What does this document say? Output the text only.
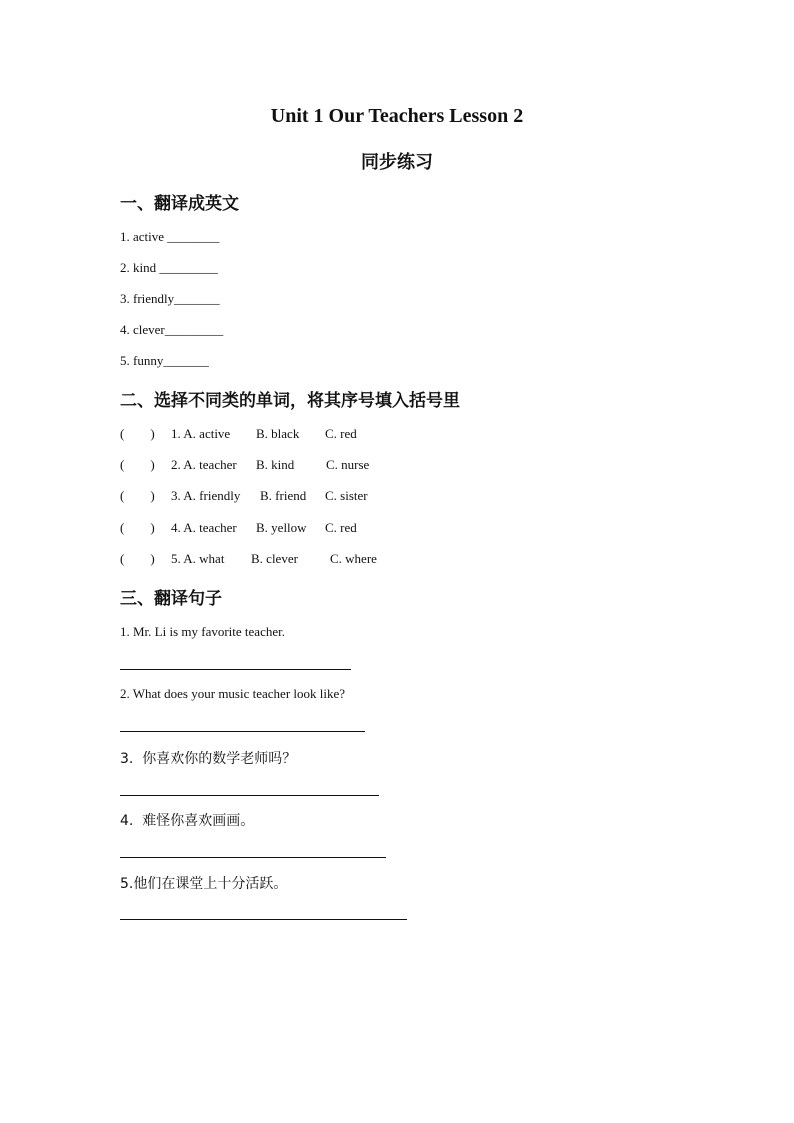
Unit 1 Our Teachers Lesson 2
同步练习
一、翻译成英文
1. active ________
2. kind _________
3. friendly_______
4. clever_________
5. funny_______
二、选择不同类的单词，将其序号填入括号里
(        ) 1. A. active B. black C. red
(        ) 2. A. teacher B. kind C. nurse
(        ) 3. A. friendly B. friend C. sister
(        ) 4. A. teacher B. yellow C. red
(        ) 5. A. what B. clever C. where
三、翻译句子
1. Mr. Li is my favorite teacher.
2. What does your music teacher look like?
3.  你喜欢你的数学老师吗？
4.  难怪你喜欢画画。
5.他们在课堂上十分活跃。
